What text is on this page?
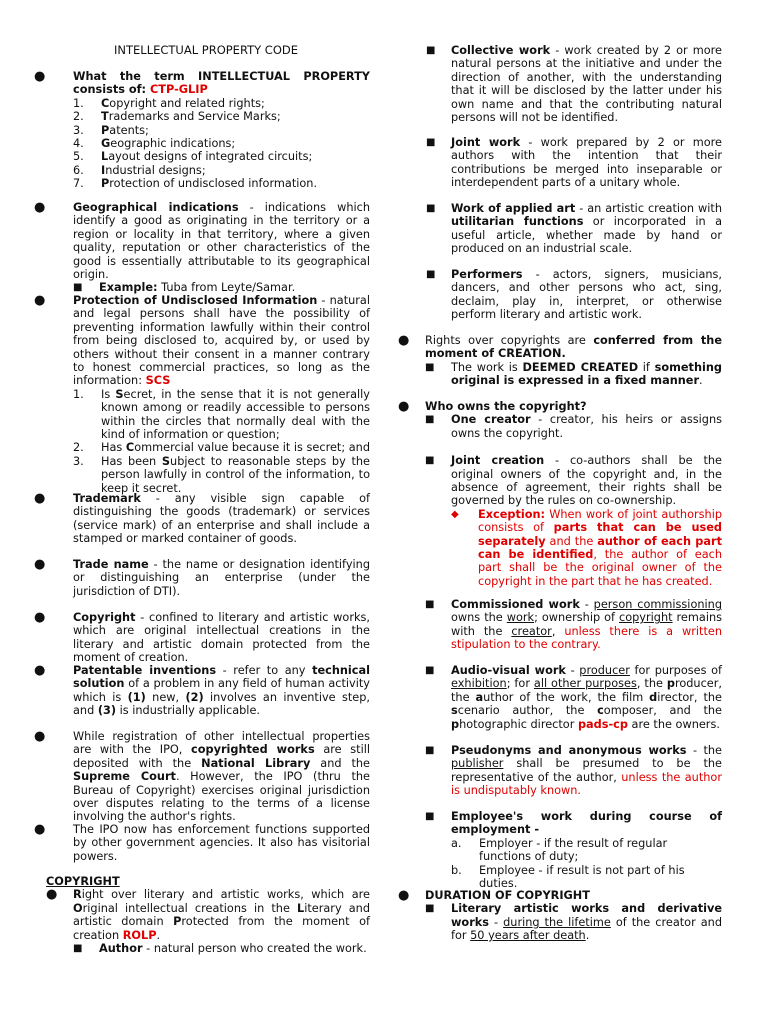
INTELLECTUAL PROPERTY CODE
● What the term INTELLECTUAL PROPERTY consists of: CTP-GLIP
1. Copyright and related rights;
2. Trademarks and Service Marks;
3. Patents;
4. Geographic indications;
5. Layout designs of integrated circuits;
6. Industrial designs;
7. Protection of undisclosed information.
● Geographical indications - indications which identify a good as originating in the territory or a region or locality in that territory, where a given quality, reputation or other characteristics of the good is essentially attributable to its geographical origin.
■ Example: Tuba from Leyte/Samar.
● Protection of Undisclosed Information - natural and legal persons shall have the possibility of preventing information lawfully within their control from being disclosed to, acquired by, or used by others without their consent in a manner contrary to honest commercial practices, so long as the information: SCS
1. Is Secret, in the sense that it is not generally known among or readily accessible to persons within the circles that normally deal with the kind of information or question;
2. Has Commercial value because it is secret; and
3. Has been Subject to reasonable steps by the person lawfully in control of the information, to keep it secret.
● Trademark - any visible sign capable of distinguishing the goods (trademark) or services (service mark) of an enterprise and shall include a stamped or marked container of goods.
● Trade name - the name or designation identifying or distinguishing an enterprise (under the jurisdiction of DTI).
● Copyright - confined to literary and artistic works, which are original intellectual creations in the literary and artistic domain protected from the moment of creation.
● Patentable inventions - refer to any technical solution of a problem in any field of human activity which is (1) new, (2) involves an inventive step, and (3) is industrially applicable.
● While registration of other intellectual properties are with the IPO, copyrighted works are still deposited with the National Library and the Supreme Court. However, the IPO (thru the Bureau of Copyright) exercises original jurisdiction over disputes relating to the terms of a license involving the author's rights.
● The IPO now has enforcement functions supported by other government agencies. It also has visitorial powers.
COPYRIGHT
● Right over literary and artistic works, which are Original intellectual creations in the Literary and artistic domain Protected from the moment of creation ROLP.
■ Author - natural person who created the work.
■ Collective work - work created by 2 or more natural persons at the initiative and under the direction of another, with the understanding that it will be disclosed by the latter under his own name and that the contributing natural persons will not be identified.
■ Joint work - work prepared by 2 or more authors with the intention that their contributions be merged into inseparable or interdependent parts of a unitary whole.
■ Work of applied art - an artistic creation with utilitarian functions or incorporated in a useful article, whether made by hand or produced on an industrial scale.
■ Performers - actors, signers, musicians, dancers, and other persons who act, sing, declaim, play in, interpret, or otherwise perform literary and artistic work.
● Rights over copyrights are conferred from the moment of CREATION.
■ The work is DEEMED CREATED if something original is expressed in a fixed manner.
● Who owns the copyright?
■ One creator - creator, his heirs or assigns owns the copyright.
■ Joint creation - co-authors shall be the original owners of the copyright and, in the absence of agreement, their rights shall be governed by the rules on co-ownership.
◆ Exception: When work of joint authorship consists of parts that can be used separately and the author of each part can be identified, the author of each part shall be the original owner of the copyright in the part that he has created.
■ Commissioned work - person commissioning owns the work; ownership of copyright remains with the creator, unless there is a written stipulation to the contrary.
■ Audio-visual work - producer for purposes of exhibition; for all other purposes, the producer, the author of the work, the film director, the scenario author, the composer, and the photographic director pads-cp are the owners.
■ Pseudonyms and anonymous works - the publisher shall be presumed to be the representative of the author, unless the author is undisputably known.
■ Employee's work during course of employment -
a. Employer - if the result of regular functions of duty;
b. Employee - if result is not part of his duties.
● DURATION OF COPYRIGHT
■ Literary artistic works and derivative works - during the lifetime of the creator and for 50 years after death.
